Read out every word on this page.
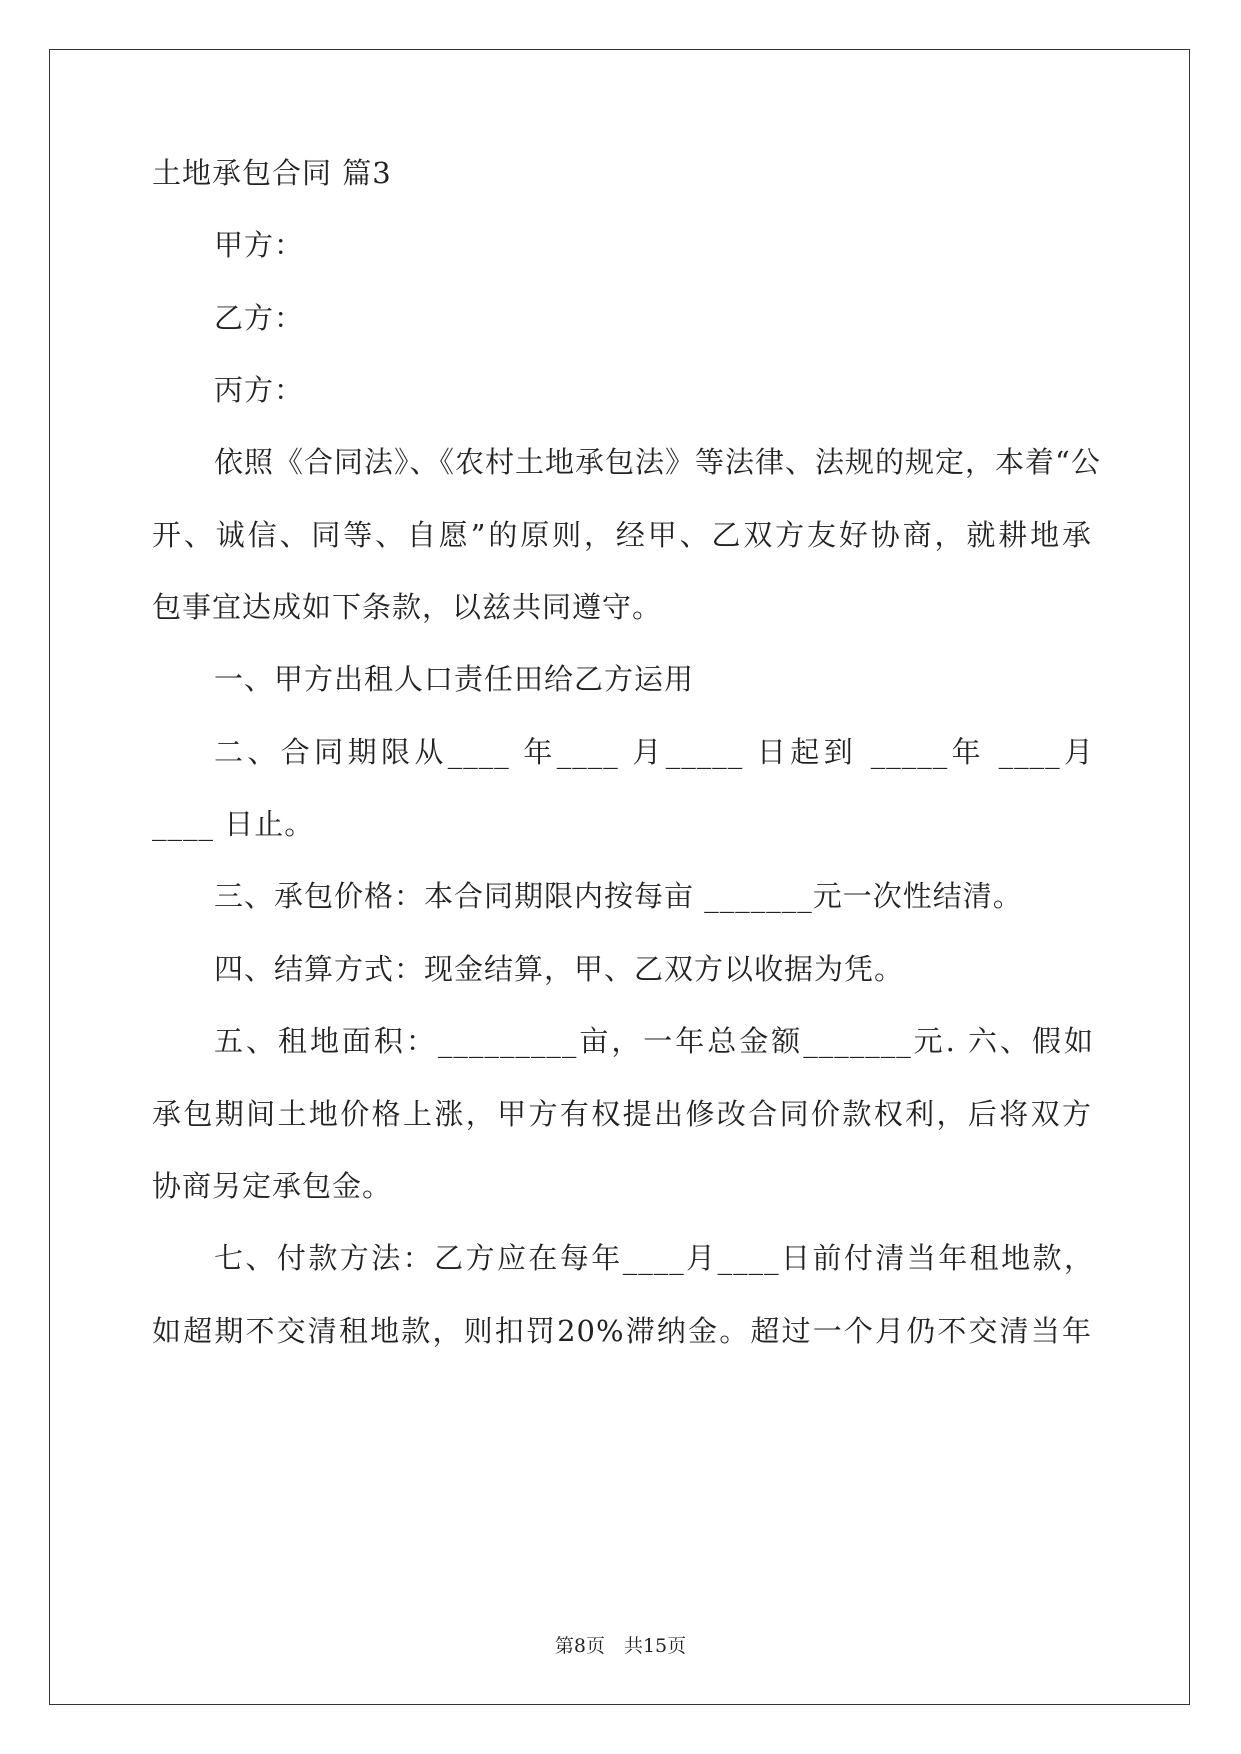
土地承包合同 篇3
甲方：
乙方：
丙方：
依照《合同法》、《农村土地承包法》等法律、法规的规定，本着“公
开、诚信、同等、自愿”的原则，经甲、乙双方友好协商，就耕地承
包事宜达成如下条款，以兹共同遵守。
一、甲方出租人口责任田给乙方运用
二、合同期限从____ 年____ 月_____ 日起到 _____年 ____月
____ 日止。
三、承包价格：本合同期限内按每亩 _______元一次性结清。
四、结算方式：现金结算，甲、乙双方以收据为凭。
五、租地面积：_________亩，一年总金额_______元. 六、假如
承包期间土地价格上涨，甲方有权提出修改合同价款权利，后将双方
协商另定承包金。
七、付款方法：乙方应在每年____月____日前付清当年租地款，
如超期不交清租地款，则扣罚20%滞纳金。超过一个月仍不交清当年
第8页　共15页
